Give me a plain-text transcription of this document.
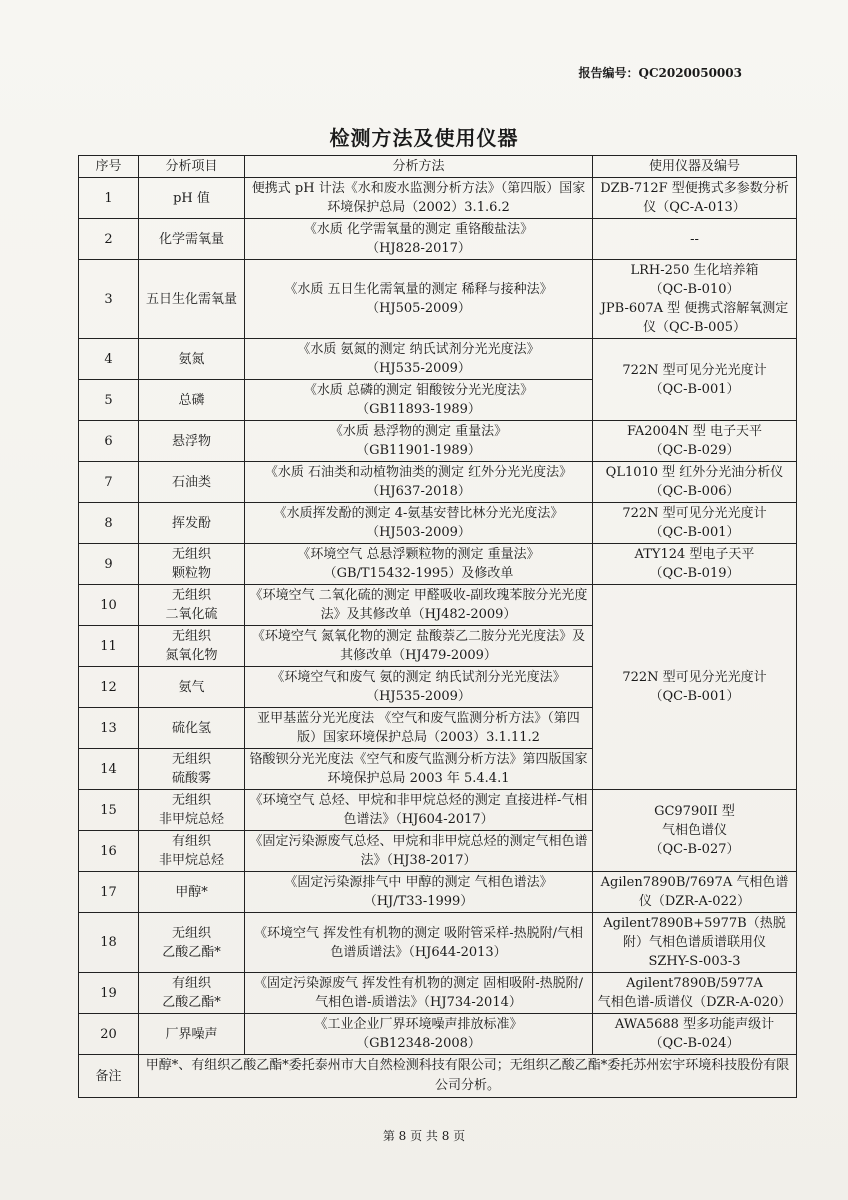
报告编号：QC2020050003
检测方法及使用仪器
序号	分析项目	分析方法	使用仪器及编号
1	pH 值	便携式 pH 计法《水和废水监测分析方法》（第四版）国家环境保护总局（2002）3.1.6.2	DZB-712F 型便携式多参数分析仪（QC-A-013）
2	化学需氧量	《水质 化学需氧量的测定 重铬酸盐法》
（HJ828-2017）	--
3	五日生化需氧量	《水质 五日生化需氧量的测定 稀释与接种法》
（HJ505-2009）	LRH-250 生化培养箱
（QC-B-010）
JPB-607A 型 便携式溶解氧测定仪（QC-B-005）
4	氨氮	《水质 氨氮的测定 纳氏试剂分光光度法》
（HJ535-2009）	722N 型可见分光光度计
（QC-B-001）
5	总磷	《水质 总磷的测定 钼酸铵分光光度法》
（GB11893-1989）	
6	悬浮物	《水质 悬浮物的测定 重量法》
（GB11901-1989）	FA2004N 型 电子天平
（QC-B-029）
7	石油类	《水质 石油类和动植物油类的测定 红外分光光度法》（HJ637-2018）	QL1010 型 红外分光油分析仪（QC-B-006）
8	挥发酚	《水质挥发酚的测定 4-氨基安替比林分光光度法》（HJ503-2009）	722N 型可见分光光度计
（QC-B-001）
9	无组织
颗粒物	《环境空气 总悬浮颗粒物的测定 重量法》
（GB/T15432-1995）及修改单	ATY124 型电子天平
（QC-B-019）
10	无组织
二氧化硫	《环境空气 二氧化硫的测定 甲醛吸收-副玫瑰苯胺分光光度法》及其修改单（HJ482-2009）	722N 型可见分光光度计
（QC-B-001）
11	无组织
氮氧化物	《环境空气 氮氧化物的测定 盐酸萘乙二胺分光光度法》及其修改单（HJ479-2009）	
12	氨气	《环境空气和废气 氨的测定 纳氏试剂分光光度法》（HJ535-2009）	
13	硫化氢	亚甲基蓝分光光度法 《空气和废气监测分析方法》（第四版）国家环境保护总局（2003）3.1.11.2	
14	无组织
硫酸雾	铬酸钡分光光度法《空气和废气监测分析方法》第四版国家环境保护总局 2003 年 5.4.4.1	
15	无组织
非甲烷总烃	《环境空气 总烃、甲烷和非甲烷总烃的测定 直接进样-气相色谱法》（HJ604-2017）	GC9790II 型
气相色谱仪
（QC-B-027）
16	有组织
非甲烷总烃	《固定污染源废气总烃、甲烷和非甲烷总烃的测定气相色谱法》（HJ38-2017）	
17	甲醇*	《固定污染源排气中 甲醇的测定 气相色谱法》
（HJ/T33-1999）	Agilen7890B/7697A 气相色谱仪（DZR-A-022）
18	无组织
乙酸乙酯*	《环境空气 挥发性有机物的测定 吸附管采样-热脱附/气相色谱质谱法》（HJ644-2013）	Agilent7890B+5977B（热脱附）气相色谱质谱联用仪
SZHY-S-003-3
19	有组织
乙酸乙酯*	《固定污染源废气 挥发性有机物的测定 固相吸附-热脱附/气相色谱-质谱法》（HJ734-2014）	Agilent7890B/5977A
气相色谱-质谱仪（DZR-A-020）
20	厂界噪声	《工业企业厂界环境噪声排放标准》
（GB12348-2008）	AWA5688 型多功能声级计
（QC-B-024）
备注	甲醇*、有组织乙酸乙酯*委托泰州市大自然检测科技有限公司；无组织乙酸乙酯*委托苏州宏宇环境科技股份有限公司分析。		
第 8 页 共 8 页
